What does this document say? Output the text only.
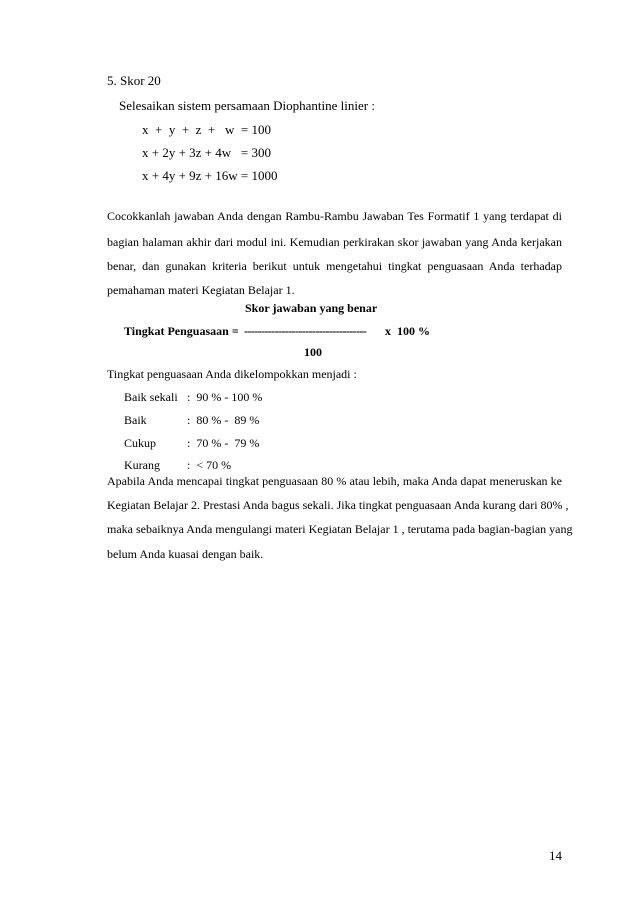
5. Skor 20
Selesaikan sistem persamaan Diophantine linier :
x  +  y  +  z  +   w  = 100
x + 2y + 3z + 4w   = 300
x + 4y + 9z + 16w = 1000
Cocokkanlah jawaban Anda dengan Rambu-Rambu Jawaban Tes Formatif 1 yang terdapat di
bagian halaman akhir dari modul ini. Kemudian perkirakan skor jawaban yang Anda kerjakan
benar, dan gunakan kriteria berikut untuk mengetahui tingkat penguasaan Anda terhadap
pemahaman materi Kegiatan Belajar 1.
Skor jawaban yang benar
Tingkat Penguasaan = ------------------------------------ x  100 %
100
Tingkat penguasaan Anda dikelompokkan menjadi :
Baik sekali :  90 % - 100 %
Baik	:  80 % -  89 %
Cukup	:  70 % -  79 %
Kurang :  < 70 %
Apabila Anda mencapai tingkat penguasaan 80 % atau lebih, maka Anda dapat meneruskan ke
Kegiatan Belajar 2. Prestasi Anda bagus sekali. Jika tingkat penguasaan Anda kurang dari 80% ,
maka sebaiknya Anda mengulangi materi Kegiatan Belajar 1 , terutama pada bagian-bagian yang
belum Anda kuasai dengan baik.
14
